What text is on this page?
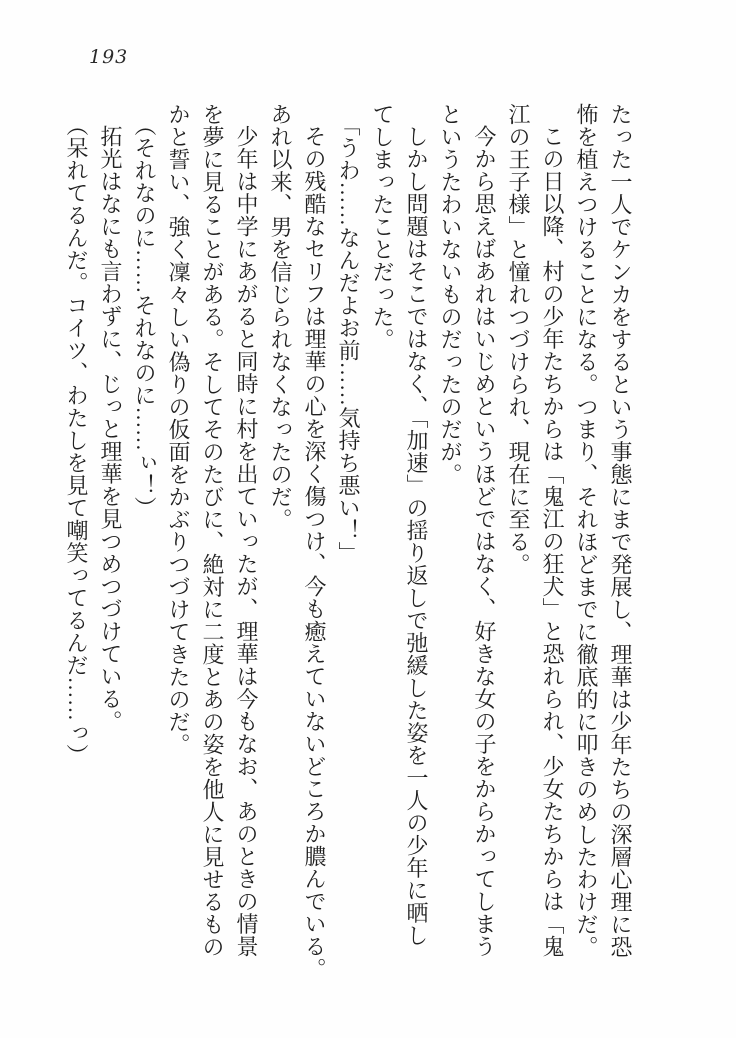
193
たった一人でケンカをするという事態にまで発展し、理華は少年たちの深層心理に恐
怖を植えつけることになる。つまり、それほどまでに徹底的に叩きのめしたわけだ。
この日以降、村の少年たちからは「鬼江の狂犬」と恐れられ、少女たちからは「鬼
江の王子様」と憧れつづけられ、現在に至る。
今から思えばあれはいじめというほどではなく、好きな女の子をからかってしまう
というたわいないものだったのだが。
しかし問題はそこではなく、「加速」の揺り返しで弛緩した姿を一人の少年に晒し
てしまったことだった。
「うわ……なんだよお前……気持ち悪い！」
その残酷なセリフは理華の心を深く傷つけ、今も癒えていないどころか膿んでいる。
あれ以来、男を信じられなくなったのだ。
少年は中学にあがると同時に村を出ていったが、理華は今もなお、あのときの情景
を夢に見ることがある。そしてそのたびに、絶対に二度とあの姿を他人に見せるもの
かと誓い、強く凜々しい偽りの仮面をかぶりつづけてきたのだ。
（それなのに……それなのに……ぃ！）
拓光はなにも言わずに、じっと理華を見つめつづけている。
（呆れてるんだ。コイツ、わたしを見て嘲笑ってるんだ……っ）
